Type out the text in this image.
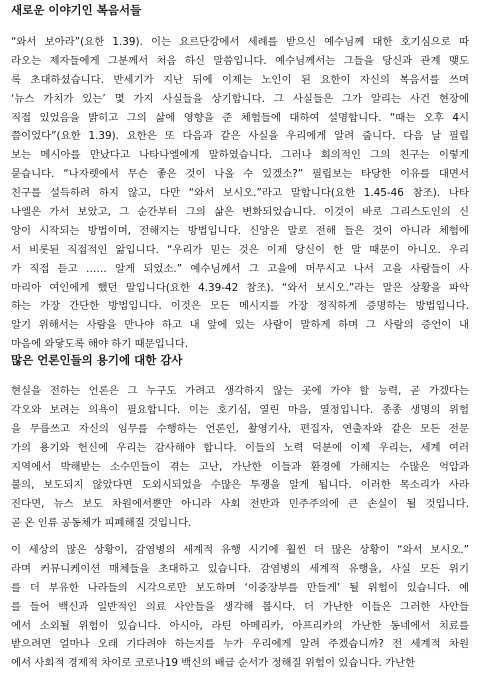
새로운 이야기인 복음서들
“와서 보아라”(요한 1.39). 이는 요르단강에서 세례를 받으신 예수님께 대한 호기심으로 따
라오는 제자들에게 그분께서 처음 하신 말씀입니다. 예수님께서는 그들을 당신과 관계 맺도
록 초대하셨습니다. 반세기가 지난 뒤에 이제는 노인이 된 요한이 자신의 복음서를 쓰며
‘뉴스 가치가 있는’ 몇 가지 사실들을 상기합니다. 그 사실들은 그가 알리는 사건 현장에
직접 있었음을 밝히고 그의 삶에 영향을 준 체험들에 대하여 설명합니다. “때는 오후 4시
쯤이었다”(요한 1.39). 요한은 또 다음과 같은 사실을 우리에게 알려 줍니다. 다음 날 필립
보는 메시아를 만났다고 나타나엘에게 말하였습니다. 그러나 회의적인 그의 친구는 이렇게
묻습니다. “나자렛에서 무슨 좋은 것이 나올 수 있겠소?” 필립보는 타당한 이유를 대면서
친구를 설득하려 하지 않고, 다만 “와서 보시오.”라고 말합니다(요한 1.45-46 참조). 나타
나엘은 가서 보았고, 그 순간부터 그의 삶은 변화되었습니다. 이것이 바로 그리스도인의 신
앙이 시작되는 방법이며, 전해지는 방법입니다. 신앙은 말로 전해 들은 것이 아니라 체험에
서 비롯된 직접적인 앎입니다. “우리가 믿는 것은 이제 당신이 한 말 때문이 아니오. 우리
가 직접 듣고 …… 알게 되었소.” 예수님께서 그 고을에 머무시고 나서 고을 사람들이 사
마리아 여인에게 했던 말입니다(요한 4.39-42 참조). “와서 보시오.”라는 말은 상황을 파악
하는 가장 간단한 방법입니다. 이것은 모든 메시지를 가장 정직하게 증명하는 방법입니다.
알기 위해서는 사람을 만나야 하고 내 앞에 있는 사람이 말하게 하며 그 사람의 증언이 내
마음에 와닿도록 해야 하기 때문입니다.
많은 언론인들의 용기에 대한 감사
현실을 전하는 언론은 그 누구도 가려고 생각하지 않는 곳에 가야 할 능력, 곧 가겠다는
각오와 보려는 의욕이 필요합니다. 이는 호기심, 열린 마음, 열정입니다. 종종 생명의 위험
을 무릅쓰고 자신의 임무를 수행하는 언론인, 촬영기사, 편집자, 연출자와 같은 모든 전문
가의 용기와 헌신에 우리는 감사해야 합니다. 이들의 노력 덕분에 이제 우리는, 세계 여러
지역에서 박해받는 소수민들이 겪는 고난, 가난한 이들과 환경에 가해지는 수많은 억압과
불의, 보도되지 않았다면 도외시되었을 수많은 투쟁을 알게 됩니다. 이러한 목소리가 사라
진다면, 뉴스 보도 차원에서뿐만 아니라 사회 전반과 민주주의에 큰 손실이 될 것입니다.
곧 온 인류 공동체가 피폐해질 것입니다.
이 세상의 많은 상황이, 감염병의 세계적 유행 시기에 훨씬 더 많은 상황이 “와서 보시오.”
라며 커뮤니케이션 매체들을 초대하고 있습니다. 감염병의 세계적 유행을, 사실 모든 위기
를 더 부유한 나라들의 시각으로만 보도하며 ‘이중장부를 만들게’ 될 위험이 있습니다. 예
를 들어 백신과 일반적인 의료 사안들을 생각해 봅시다. 더 가난한 이들은 그러한 사안들
에서 소외될 위험이 있습니다. 아시아, 라틴 아메리카, 아프리카의 가난한 동네에서 치료를
받으려면 얼마나 오래 기다려야 하는지를 누가 우리에게 알려 주겠습니까? 전 세계적 차원
에서 사회적 경제적 차이로 코로나19 백신의 배급 순서가 정해질 위험이 있습니다. 가난한
